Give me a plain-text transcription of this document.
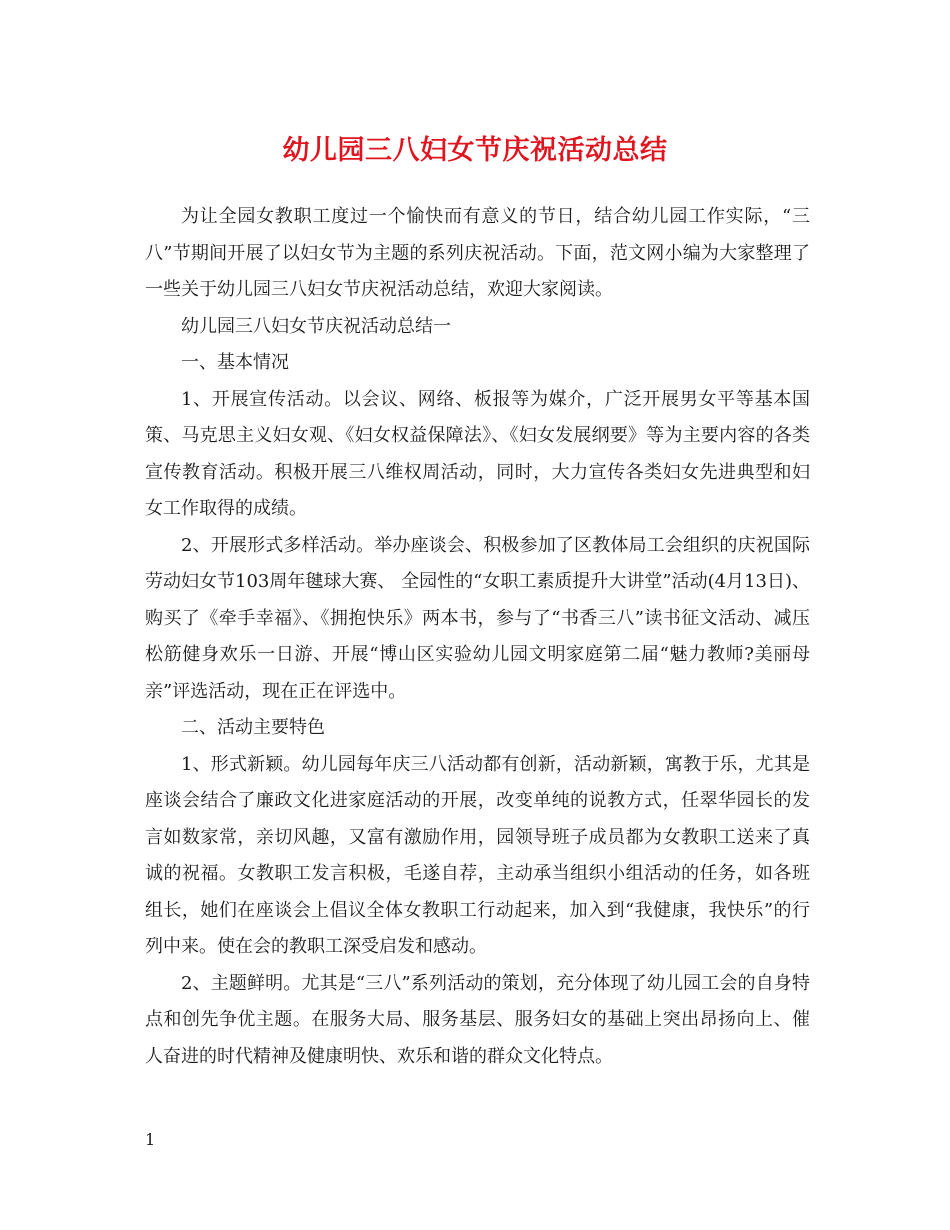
幼儿园三八妇女节庆祝活动总结

为让全园女教职工度过一个愉快而有意义的节日，结合幼儿园工作实际，“三八”节期间开展了以妇女节为主题的系列庆祝活动。下面，范文网小编为大家整理了一些关于幼儿园三八妇女节庆祝活动总结，欢迎大家阅读。

幼儿园三八妇女节庆祝活动总结一

一、基本情况

1、开展宣传活动。以会议、网络、板报等为媒介，广泛开展男女平等基本国策、马克思主义妇女观、《妇女权益保障法》、《妇女发展纲要》等为主要内容的各类宣传教育活动。积极开展三八维权周活动，同时，大力宣传各类妇女先进典型和妇女工作取得的成绩。

2、开展形式多样活动。举办座谈会、积极参加了区教体局工会组织的庆祝国际劳动妇女节103周年毽球大赛、 全园性的“女职工素质提升大讲堂”活动(4月13日)、购买了《牵手幸福》、《拥抱快乐》两本书，参与了“书香三八”读书征文活动、减压松筋健身欢乐一日游、开展“博山区实验幼儿园文明家庭第二届“魅力教师?美丽母亲”评选活动，现在正在评选中。

二、活动主要特色

1、形式新颖。幼儿园每年庆三八活动都有创新，活动新颖，寓教于乐，尤其是座谈会结合了廉政文化进家庭活动的开展，改变单纯的说教方式，任翠华园长的发言如数家常，亲切风趣，又富有激励作用，园领导班子成员都为女教职工送来了真诚的祝福。女教职工发言积极，毛遂自荐，主动承当组织小组活动的任务，如各班组长，她们在座谈会上倡议全体女教职工行动起来，加入到“我健康，我快乐”的行列中来。使在会的教职工深受启发和感动。

2、主题鲜明。尤其是“三八”系列活动的策划，充分体现了幼儿园工会的自身特点和创先争优主题。在服务大局、服务基层、服务妇女的基础上突出昂扬向上、催人奋进的时代精神及健康明快、欢乐和谐的群众文化特点。

1
